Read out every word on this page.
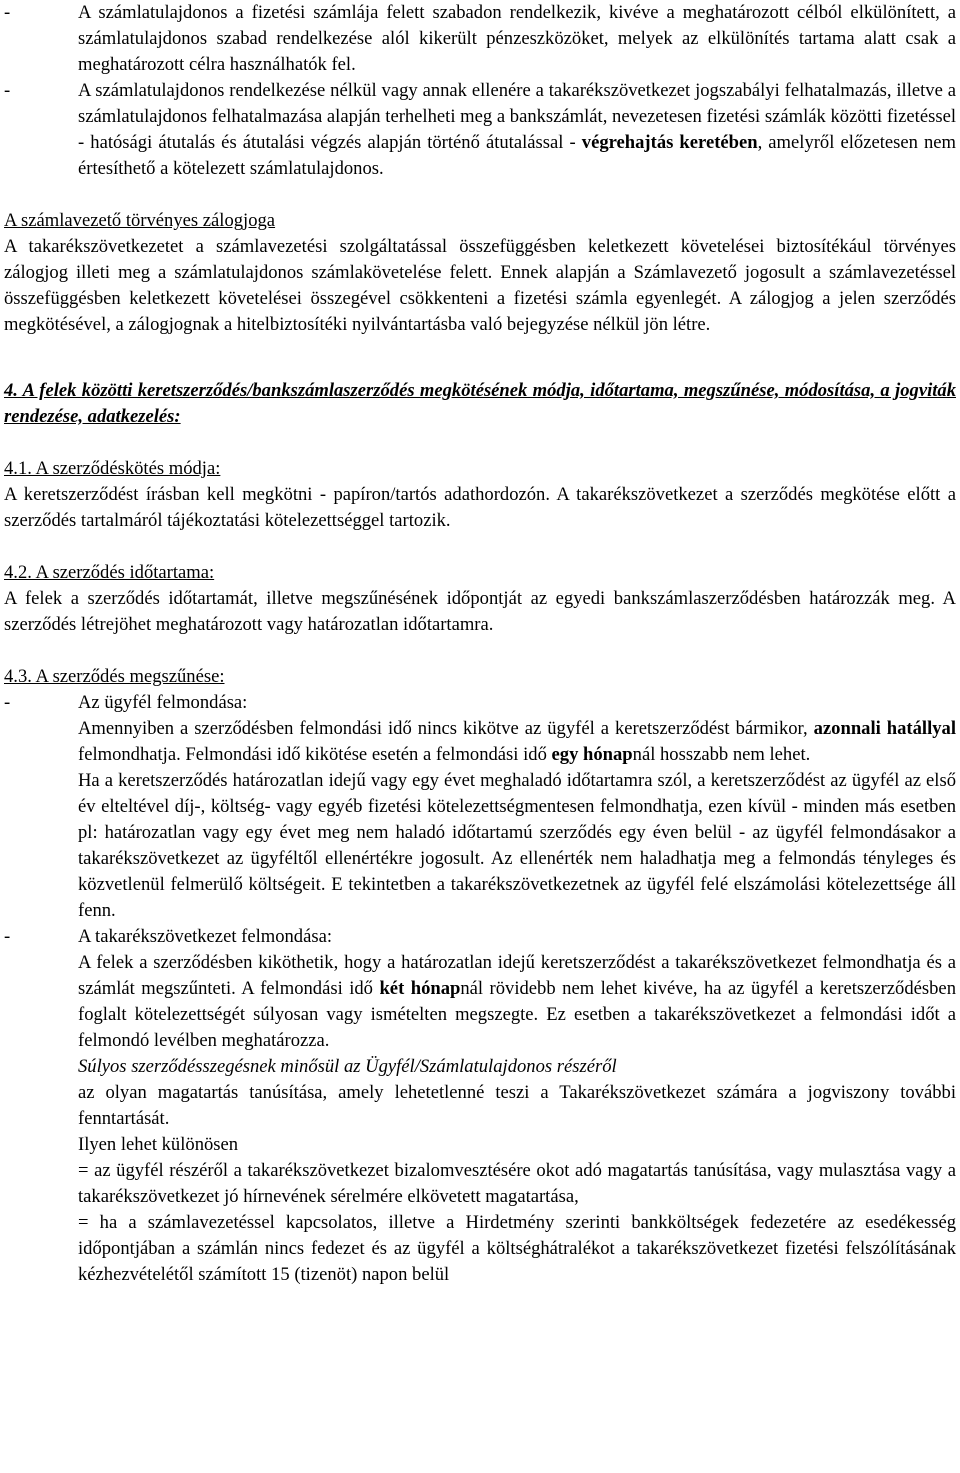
-	A számlatulajdonos a fizetési számlája felett szabadon rendelkezik, kivéve a meghatározott célból elkülönített, a számlatulajdonos szabad rendelkezése alól kikerült pénzeszközöket, melyek az elkülönítés tartama alatt csak a meghatározott célra használhatók fel.
-	A számlatulajdonos rendelkezése nélkül vagy annak ellenére a takarékszövetkezet jogszabályi felhatalmazás, illetve a számlatulajdonos felhatalmazása alapján terhelheti meg a bankszámlát, nevezetesen fizetési számlák közötti fizetéssel - hatósági átutalás és átutalási végzés alapján történő átutalással - végrehajtás keretében, amelyről előzetesen nem értesíthető a kötelezett számlatulajdonos.

A számlavezető törvényes zálogjoga

A takarékszövetkezetet a számlavezetési szolgáltatással összefüggésben keletkezett követelései biztosítékául törvényes zálogjog illeti meg a számlatulajdonos számlakövetelése felett. Ennek alapján a Számlavezető jogosult a számlavezetéssel összefüggésben keletkezett követelései összegével csökkenteni a fizetési számla egyenlegét. A zálogjog a jelen szerződés megkötésével, a zálogjognak a hitelbiztosítéki nyilvántartásba való bejegyzése nélkül jön létre.

4. A felek közötti keretszerződés/bankszámlaszerződés megkötésének módja, időtartama, megszűnése, módosítása, a jogviták rendezése, adatkezelés:

4.1. A szerződéskötés módja:

A keretszerződést írásban kell megkötni - papíron/tartós adathordozón. A takarékszövetkezet a szerződés megkötése előtt a szerződés tartalmáról tájékoztatási kötelezettséggel tartozik.

4.2. A szerződés időtartama:

A felek a szerződés időtartamát, illetve megszűnésének időpontját az egyedi bankszámlaszerződésben határozzák meg. A szerződés létrejöhet meghatározott vagy határozatlan időtartamra.

4.3. A szerződés megszűnése:

-	Az ügyfél felmondása:
Amennyiben a szerződésben felmondási idő nincs kikötve az ügyfél a keretszerződést bármikor, azonnali hatállyal felmondhatja. Felmondási idő kikötése esetén a felmondási idő egy hónapnál hosszabb nem lehet.
Ha a keretszerződés határozatlan idejű vagy egy évet meghaladó időtartamra szól, a keretszerződést az ügyfél az első év elteltével díj-, költség- vagy egyéb fizetési kötelezettségmentesen felmondhatja, ezen kívül - minden más esetben pl: határozatlan vagy egy évet meg nem haladó időtartamú szerződés egy éven belül - az ügyfél felmondásakor a takarékszövetkezet az ügyféltől ellenértékre jogosult. Az ellenérték nem haladhatja meg a felmondás tényleges és közvetlenül felmerülő költségeit. E tekintetben a takarékszövetkezetnek az ügyfél felé elszámolási kötelezettsége áll fenn.
-	A takarékszövetkezet felmondása:
A felek a szerződésben kiköthetik, hogy a határozatlan idejű keretszerződést a takarékszövetkezet felmondhatja és a számlát megszűnteti. A felmondási idő két hónapnál rövidebb nem lehet kivéve, ha az ügyfél a keretszerződésben foglalt kötelezettségét súlyosan vagy ismételten megszegte. Ez esetben a takarékszövetkezet a felmondási időt a felmondó levélben meghatározza.
Súlyos szerződésszegésnek minősül az Ügyfél/Számlatulajdonos részéről
az olyan magatartás tanúsítása, amely lehetetlenné teszi a Takarékszövetkezet számára a jogviszony további fenntartását.
Ilyen lehet különösen
= az ügyfél részéről a takarékszövetkezet bizalomvesztésére okot adó magatartás tanúsítása, vagy mulasztása vagy a takarékszövetkezet jó hírnevének sérelmére elkövetett magatartása,
= ha a számlavezetéssel kapcsolatos, illetve a Hirdetmény szerinti bankköltségek fedezetére az esedékesség időpontjában a számlán nincs fedezet és az ügyfél a költséghátralékot a takarékszövetkezet fizetési felszólításának kézhezvételétől számított 15 (tizenöt) napon belül
